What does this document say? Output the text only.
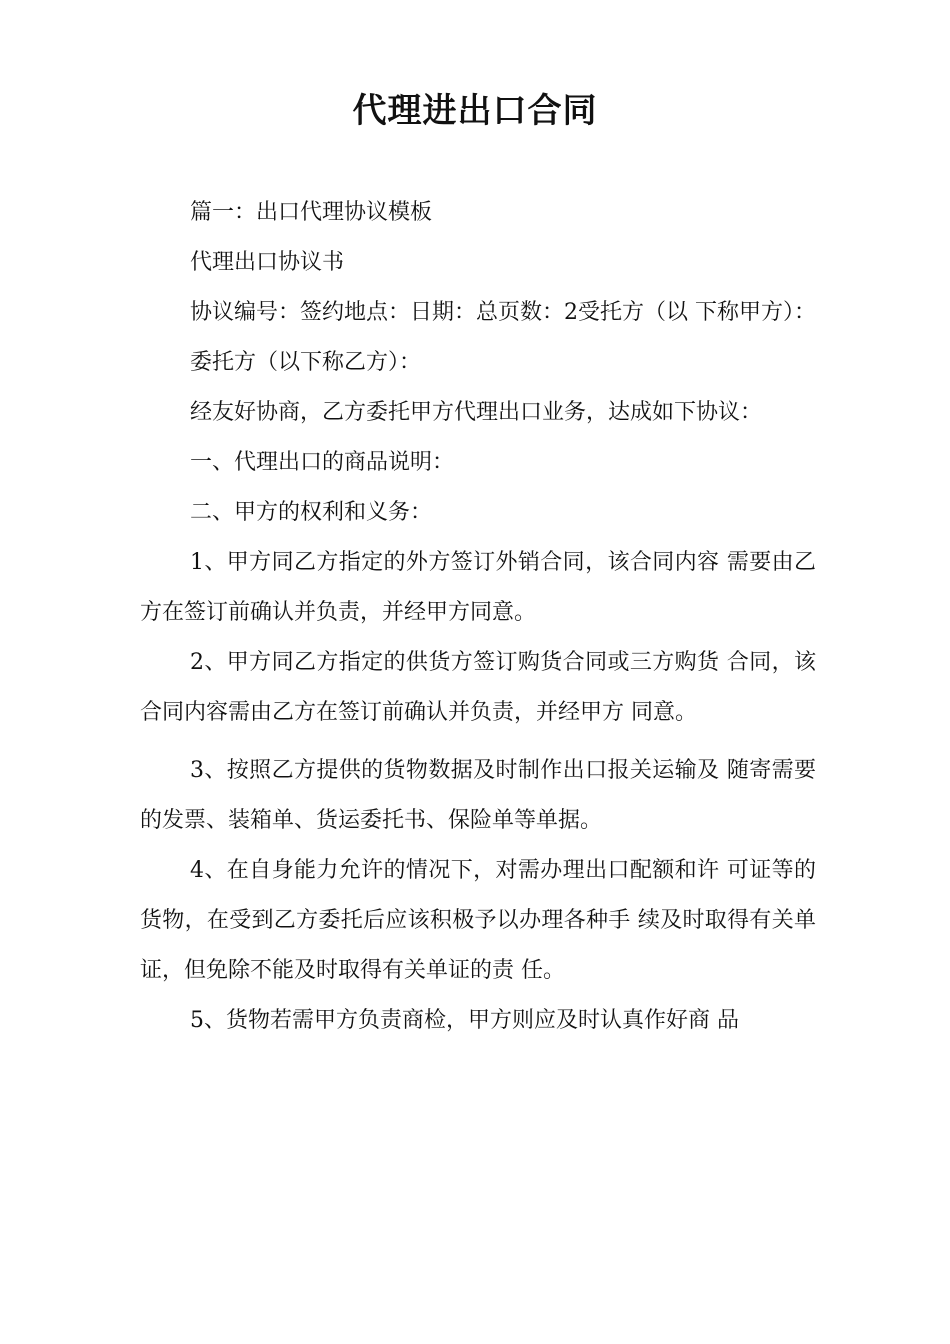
代理进出口合同

篇一：出口代理协议模板

代理出口协议书

协议编号：签约地点：日期：总页数：2受托方（以 下称甲方）：

委托方（以下称乙方）：

经友好协商，乙方委托甲方代理出口业务，达成如下协议：

一、代理出口的商品说明：

二、甲方的权利和义务：

1、甲方同乙方指定的外方签订外销合同，该合同内容 需要由乙方在签订前确认并负责，并经甲方同意。

2、甲方同乙方指定的供货方签订购货合同或三方购货 合同，该合同内容需由乙方在签订前确认并负责，并经甲方 同意。

3、按照乙方提供的货物数据及时制作出口报关运输及 随寄需要的发票、装箱单、货运委托书、保险单等单据。

4、在自身能力允许的情况下，对需办理出口配额和许 可证等的货物，在受到乙方委托后应该积极予以办理各种手 续及时取得有关单证，但免除不能及时取得有关单证的责 任。

5、货物若需甲方负责商检，甲方则应及时认真作好商 品
